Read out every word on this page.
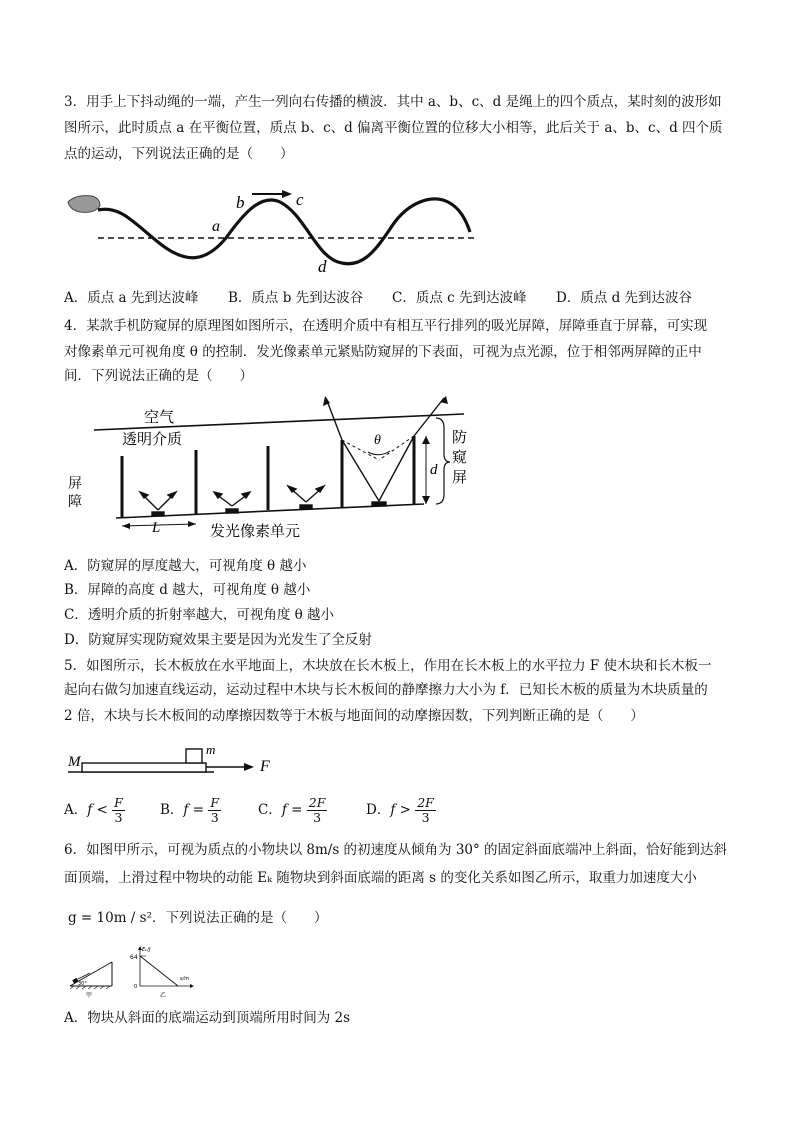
3．用手上下抖动绳的一端，产生一列向右传播的横波．其中 a、b、c、d 是绳上的四个质点，某时刻的波形如
图所示，此时质点 a 在平衡位置，质点 b、c、d 偏离平衡位置的位移大小相等，此后关于 a、b、c、d 四个质
点的运动，下列说法正确的是（　　）
a
b	c
d
A．质点 a 先到达波峰 B．质点 b 先到达波谷 C．质点 c 先到达波峰 D．质点 d 先到达波谷
4．某款手机防窥屏的原理图如图所示，在透明介质中有相互平行排列的吸光屏障，屏障垂直于屏幕，可实现
对像素单元可视角度 θ 的控制．发光像素单元紧贴防窥屏的下表面，可视为点光源，位于相邻两屏障的正中
间．下列说法正确的是（　　）
空气
透明介质
屏
障
L	发光像素单元
θ
d
防
窥
屏
A．防窥屏的厚度越大，可视角度 θ 越小
B．屏障的高度 d 越大，可视角度 θ 越小
C．透明介质的折射率越大，可视角度 θ 越小
D．防窥屏实现防窥效果主要是因为光发生了全反射
5．如图所示，长木板放在水平地面上，木块放在长木板上，作用在长木板上的水平拉力 F 使木块和长木板一
起向右做匀加速直线运动，运动过程中木块与长木板间的静摩擦力大小为 f．已知长木板的质量为木块质量的
2 倍，木块与长木板间的动摩擦因数等于木板与地面间的动摩擦因数，下列判断正确的是（　　）
M
m
F
A．$f < \frac{F}{3}$	B．$f = \frac{F}{3}$	C．$f = \frac{2F}{3}$	D．$f > \frac{2F}{3}$
6．如图甲所示，可视为质点的小物块以 8m/s 的初速度从倾角为 30° 的固定斜面底端冲上斜面，恰好能到达斜
面顶端，上滑过程中物块的动能 Eₖ 随物块到斜面底端的距离 s 的变化关系如图乙所示，取重力加速度大小
g = 10m / s²．下列说法正确的是（　　）
30°
甲
Eₖ/J
64
0
s/m
乙
A．物块从斜面的底端运动到顶端所用时间为 2s
